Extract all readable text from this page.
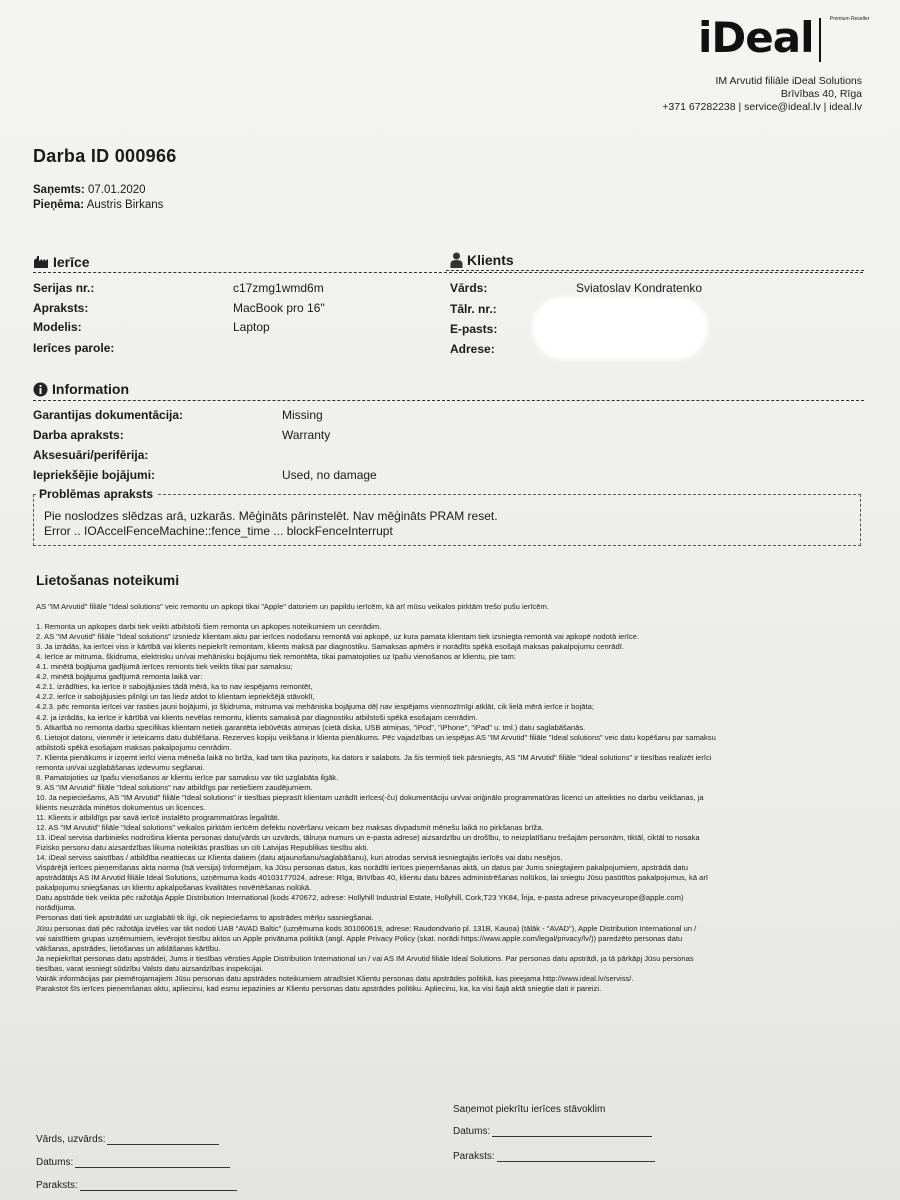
iDeal	Premium Reseller
IM Arvutid filiāle iDeal Solutions
Brīvības 40, Rīga
+371 67282238 | service@ideal.lv | ideal.lv
Darba ID 000966
Saņemts: 07.01.2020
Pieņēma: Austris Birkans
Ierīce
Serijas nr.:	c17zmg1wmd6m
Apraksts:	MacBook pro 16"
Modelis:	Laptop
Ierīces parole:
Klients
Vārds:	Sviatoslav Kondratenko
Tālr. nr.:
E-pasts:
Adrese:
Information
Garantijas dokumentācija:	Missing
Darba apraksts:	Warranty
Aksesuāri/perifērija:
Iepriekšējie bojājumi:	Used, no damage
Problēmas apraksts
Pie noslodzes slēdzas arā, uzkarās. Mēģināts pārinstelēt. Nav mēģināts PRAM reset.
Error .. IOAccelFenceMachine::fence_time ... blockFenceInterrupt
Lietošanas noteikumi
AS "IM Arvutid" filiāle "Ideal solutions" veic remontu un apkopi tikai "Apple" datoriem un papildu ierīcēm, kā arī mūsu veikalos pirktām trešo pušu ierīcēm.

1. Remonta un apkopes darbi tiek veikti atbilstoši šiem remonta un apkopes noteikumiem un cenrādim.
2. AS "IM Arvutid" filiāle "Ideal solutions" izsniedz klientam aktu par ierīces nodošanu remontā vai apkopē, uz kura pamata klientam tiek izsniegta remontā vai apkopē nodotā ierīce.
3. Ja izrādās, ka ierīcei viss ir kārtībā vai klients nepiekrīt remontam, klients maksā par diagnostiku. Samaksas apmērs ir norādīts spēkā esošajā maksas pakalpojumu cenrādī.
4. Ierīce ar mitruma, šķidruma, elektrisku un/vai mehānisku bojājumu tiek remontēta, tikai pamatojoties uz īpašu vienošanos ar klientu, pie tam:
4.1. minētā bojājuma gadījumā ierīces remonts tiek veikts tikai par samaksu;
4.2. minētā bojājuma gadījumā remonta laikā var:
4.2.1. izrādīties, ka ierīce ir sabojājusies tādā mērā, ka to nav iespējams remontēt,
4.2.2. ierīce ir sabojājusies pilnīgi un tas liedz atdot to klientam iepriekšējā stāvoklī,
4.2.3. pēc remonta ierīcei var rasties jauni bojājumi, jo šķidruma, mitruma vai mehāniska bojājuma dēļ nav iespējams viennozīmīgi atklāt, cik lielā mērā ierīce ir bojāta;
4.2. ja izrādās, ka ierīce ir kārtībā vai klients nevēlas remontu, klients samaksā par diagnostiku atbilstoši spēkā esošajam cenrādim.
5. Atkarībā no remonta darbu specifikas klientam netiek garantēta iebūvētās atmiņas (cietā diska, USB atmiņas, "iPod", "iPhone", "iPad" u. tml.) datu saglabāšanās.
6. Lietojot datoru, vienmēr ir ieteicams datu dublēšana. Rezerves kopiju veikšana ir klienta pienākums. Pēc vajadzības un iespējas AS "IM Arvutid" filiāle "Ideal solutions" veic datu kopēšanu par samaksu
atbilstoši spēkā esošajam maksas pakalpojumu cenrādim.
7. Klienta pienākums ir izņemt ierīci viena mēneša laikā no brīža, kad tam tika paziņots, ka dators ir salabots. Ja šis termiņš tiek pārsniegts, AS "IM Arvutid" filiāle "Ideal solutions" ir tiesības realizēt ierīci
remonta un/vai uzglabāšanas izdevumu segšanai.
8. Pamatojoties uz īpašu vienošanos ar klientu ierīce par samaksu var tikt uzglabāta ilgāk.
9. AS "IM Arvutid" filiāle "Ideal solutions" nav atbildīgs par netiešiem zaudējumiem.
10. Ja nepieciešams, AS "IM Arvutid" filiāle "Ideal solutions" ir tiesības pieprasīt klientam uzrādīt ierīces(-ču) dokumentāciju un/vai oriģinālo programmatūras licenci un atteikties no darbu veikšanas, ja
klients neuzrāda minētos dokumentus un licences.
11. Klients ir atbildīgs par savā ierīcē instalēto programmatūras legalitāti.
12. AS "IM Arvutid" filiāle "Ideal solutions" veikalos pirktām ierīcēm defektu novēršanu veicam bez maksas divpadsmit mēnešu laikā no pirkšanas brīža.
13. iDeal servisa darbinieks nodrošina klienta personas datu(vārds un uzvārds, tālruņa numurs un e-pasta adrese) aizsardzību un drošību, to neizplatīšanu trešajām personām, tiktāl, ciktāl to nosaka
Fizisko personu datu aizsardzības likuma noteiktās prasības un citi Latvijas Republikas tiesību akti.
14. iDeal serviss saistības / atbildība neattiecas uz Klienta datiem (datu atjaunošanu/saglabāšanu), kuri atrodas servisā iesniegtajās ierīcēs vai datu nesējos.
Vispārējā ierīces pieņemšanas akta norma (īsā versija) Informējam, ka Jūsu personas datus, kas norādīti ierīces pieņemšanas aktā, un datus par Jums sniegtajiem pakalpojumiem, apstrādā datu
apstrādātājs AS IM Arvutid filiāle Ideal Solutions, uzņēmuma kods 40103177024, adrese: Rīga, Brīvības 40, klientu datu bāzes administrēšanas nolūkos, lai sniegtu Jūsu pasūtītos pakalpojumus, kā arī
pakalpojumu sniegšanas un klientu apkalpošanas kvalitātes novērtēšanas nolūkā.
Datu apstrāde tiek veikta pēc ražotāja Apple Distribution International (kods 470672, adrese: Hollyhill Industrial Estate, Hollyhill, Cork,T23 YK84, Īrija, e-pasta adrese privacyeurope@apple.com)
norādījuma.
Personas dati tiek apstrādāti un uzglabāti tik ilgi, cik nepieciešams to apstrādes mērķu sasniegšanai.
Jūsu personas dati pēc ražotāja izvēles var tikt nodoti UAB "AVAD Baltic" (uzņēmuma kods 301060619, adrese: Raudondvario pl. 131B, Kauņa) (tālāk - "AVAD"), Apple Distribution International un /
vai saistītiem grupas uzņēmumiem, ievērojot tiesību aktos un Apple privātuma politikā (angl. Apple Privacy Policy (skat. norādi https://www.apple.com/legal/privacy/lv/)) paredzēto personas datu
vākšanas, apstrādes, lietošanas un atklāšanas kārtību.
Ja nepiekrītat personas datu apstrādei, Jums ir tiesības vērsties Apple Distribution International un / vai AS IM Arvutid filiāle Ideal Solutions. Par personas datu apstrādi, ja tā pārkāpj Jūsu personas
tiesības, varat iesniegt sūdzību Valsts datu aizsardzības inspekcijai.
Vairāk informācijas par piemērojamajiem Jūsu personas datu apstrādes noteikumiem atradīsiet Klientu personas datu apstrādes politikā, kas pieejama http://www.ideal.lv/serviss/.
Parakstot šīs ierīces pieņemšanas aktu, apliecinu, kad esmu iepazinies ar Klientu personas datu apstrādes politiku. Apliecinu, ka, ka visi šajā aktā sniegtie dati ir pareizi.
Vārds, uzvārds:
Datums:
Paraksts:
Saņemot piekrītu ierīces stāvoklim
Datums:
Paraksts:
